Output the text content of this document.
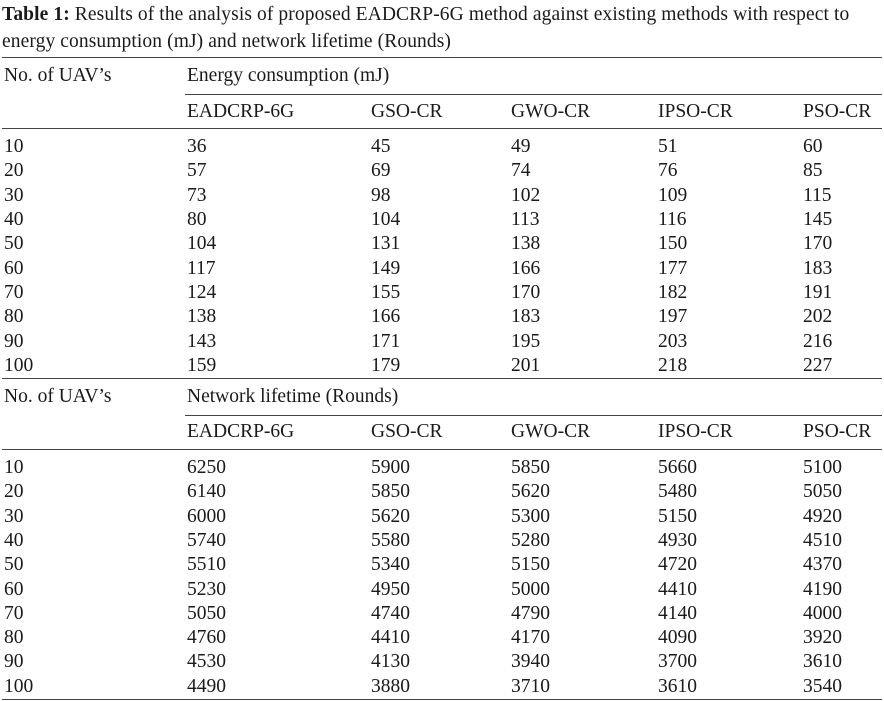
Table 1: Results of the analysis of proposed EADCRP-6G method against existing methods with respect to energy consumption (mJ) and network lifetime (Rounds)

No. of UAV’s	Energy consumption (mJ)				
	EADCRP-6G	GSO-CR	GWO-CR	IPSO-CR	PSO-CR

10	36	45	49	51	60
20	57	69	74	76	85
30	73	98	102	109	115
40	80	104	113	116	145
50	104	131	138	150	170
60	117	149	166	177	183
70	124	155	170	182	191
80	138	166	183	197	202
90	143	171	195	203	216
100	159	179	201	218	227
No. of UAV’s	Network lifetime (Rounds)				
	EADCRP-6G	GSO-CR	GWO-CR	IPSO-CR	PSO-CR

10	6250	5900	5850	5660	5100
20	6140	5850	5620	5480	5050
30	6000	5620	5300	5150	4920
40	5740	5580	5280	4930	4510
50	5510	5340	5150	4720	4370
60	5230	4950	5000	4410	4190
70	5050	4740	4790	4140	4000
80	4760	4410	4170	4090	3920
90	4530	4130	3940	3700	3610
100	4490	3880	3710	3610	3540
